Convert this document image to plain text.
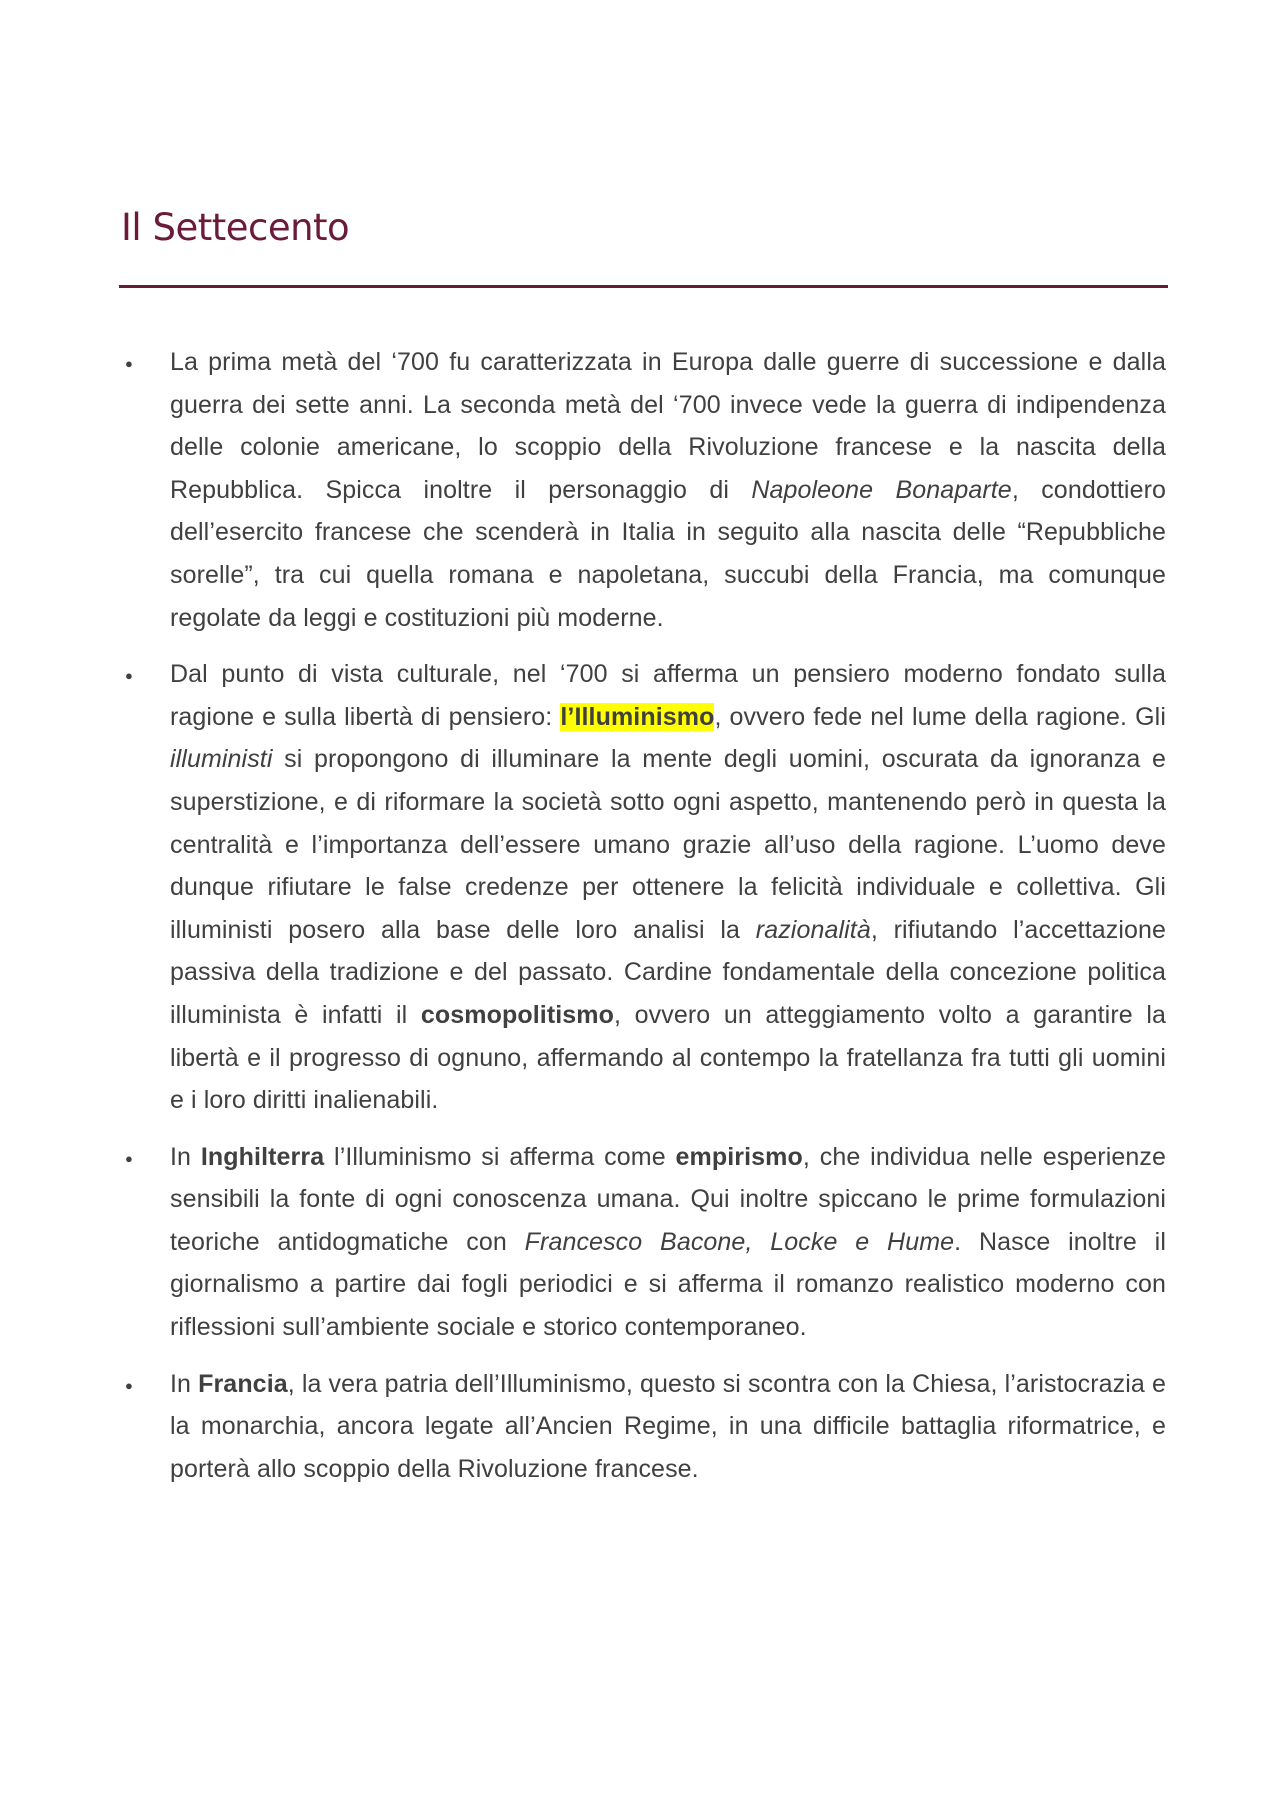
Il Settecento
● La prima metà del ‘700 fu caratterizzata in Europa dalle guerre di successione e dalla guerra dei sette anni. La seconda metà del ‘700 invece vede la guerra di indipendenza delle colonie americane, lo scoppio della Rivoluzione francese e la nascita della Repubblica. Spicca inoltre il personaggio di Napoleone Bonaparte, condottiero dell’esercito francese che scenderà in Italia in seguito alla nascita delle “Repubbliche sorelle”, tra cui quella romana e napoletana, succubi della Francia, ma comunque regolate da leggi e costituzioni più moderne.
● Dal punto di vista culturale, nel ‘700 si afferma un pensiero moderno fondato sulla ragione e sulla libertà di pensiero: l’Illuminismo, ovvero fede nel lume della ragione. Gli illuministi si propongono di illuminare la mente degli uomini, oscurata da ignoranza e superstizione, e di riformare la società sotto ogni aspetto, mantenendo però in questa la centralità e l’importanza dell’essere umano grazie all’uso della ragione. L’uomo deve dunque rifiutare le false credenze per ottenere la felicità individuale e collettiva. Gli illuministi posero alla base delle loro analisi la razionalità, rifiutando l’accettazione passiva della tradizione e del passato. Cardine fondamentale della concezione politica illuminista è infatti il cosmopolitismo, ovvero un atteggiamento volto a garantire la libertà e il progresso di ognuno, affermando al contempo la fratellanza fra tutti gli uomini e i loro diritti inalienabili.
● In Inghilterra l’Illuminismo si afferma come empirismo, che individua nelle esperienze sensibili la fonte di ogni conoscenza umana. Qui inoltre spiccano le prime formulazioni teoriche antidogmatiche con Francesco Bacone, Locke e Hume. Nasce inoltre il giornalismo a partire dai fogli periodici e si afferma il romanzo realistico moderno con riflessioni sull’ambiente sociale e storico contemporaneo.
● In Francia, la vera patria dell’Illuminismo, questo si scontra con la Chiesa, l’aristocrazia e la monarchia, ancora legate all’Ancien Regime, in una difficile battaglia riformatrice, e porterà allo scoppio della Rivoluzione francese.
